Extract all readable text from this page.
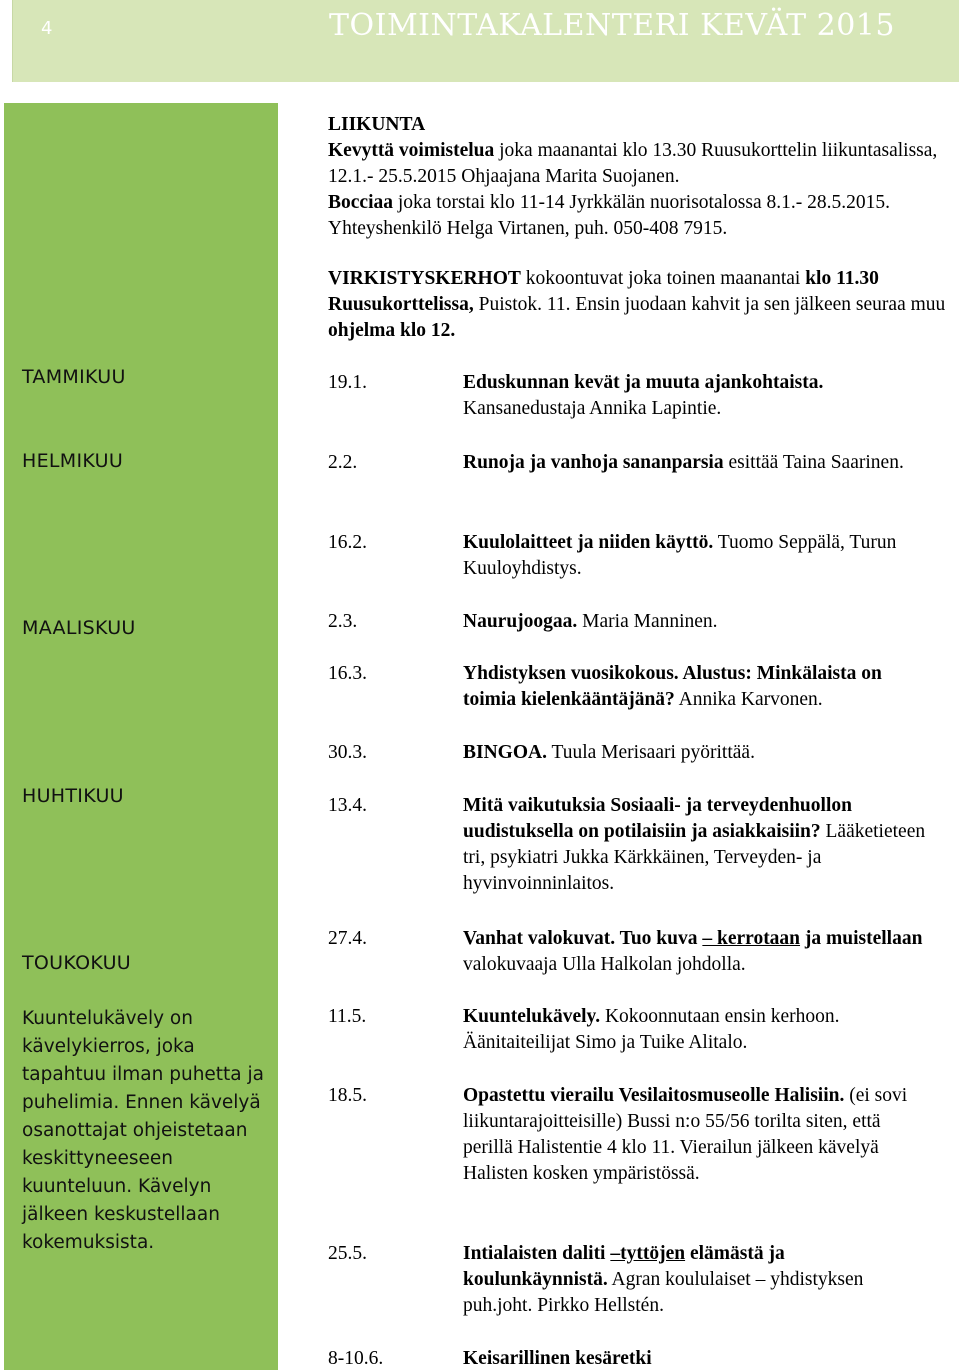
4	TOIMINTAKALENTERI KEVÄT 2015
TAMMIKUU
HELMIKUU
MAALISKUU
HUHTIKUU
TOUKOKUU
Kuuntelukävely on kävelykierros, joka tapahtuu ilman puhetta ja puhelimia. Ennen kävelyä osanottajat ohjeistetaan keskittyneeseen kuunteluun. Kävelyn jälkeen keskustellaan kokemuksista.
LIIKUNTA
Kevyttä voimistelua joka maanantai klo 13.30 Ruusukorttelin liikuntasalissa, 12.1.- 25.5.2015 Ohjaajana Marita Suojanen.
Bocciaa joka torstai klo 11-14 Jyrkkälän nuorisotalossa 8.1.- 28.5.2015. Yhteyshenkilö Helga Virtanen, puh. 050-408 7915.
VIRKISTYSKERHOT kokoontuvat joka toinen maanantai klo 11.30 Ruusukorttelissa, Puistok. 11. Ensin juodaan kahvit ja sen jälkeen seuraa muu ohjelma klo 12.
19.1.	Eduskunnan kevät ja muuta ajankohtaista. Kansanedustaja Annika Lapintie.
2.2.	Runoja ja vanhoja sananparsia esittää Taina Saarinen.
16.2.	Kuulolaitteet ja niiden käyttö. Tuomo Seppälä, Turun Kuuloyhdistys.
2.3.	Naurujoogaa. Maria Manninen.
16.3.	Yhdistyksen vuosikokous. Alustus: Minkälaista on toimia kielenkääntäjänä? Annika Karvonen.
30.3.	BINGOA. Tuula Merisaari pyörittää.
13.4.	Mitä vaikutuksia Sosiaali- ja terveydenhuollon uudistuksella on potilaisiin ja asiakkaisiin? Lääketieteen tri, psykiatri Jukka Kärkkäinen, Terveyden- ja hyvinvoinninlaitos.
27.4.	Vanhat valokuvat. Tuo kuva – kerrotaan ja muistellaan valokuvaaja Ulla Halkolan johdolla.
11.5.	Kuuntelukävely. Kokoonnutaan ensin kerhoon. Äänitaiteilijat Simo ja Tuike Alitalo.
18.5.	Opastettu vierailu Vesilaitosmuseolle Halisiin. (ei sovi liikuntarajoitteisille) Bussi n:o 55/56 torilta siten, että perillä Halistentie 4 klo 11. Vierailun jälkeen kävelyä Halisten kosken ympäristössä.
25.5.	Intialaisten daliti –tyttöjen elämästä ja koulunkäynnistä. Agran koululaiset – yhdistyksen puh.joht. Pirkko Hellstén.
8-10.6.	Keisarillinen kesäretki
